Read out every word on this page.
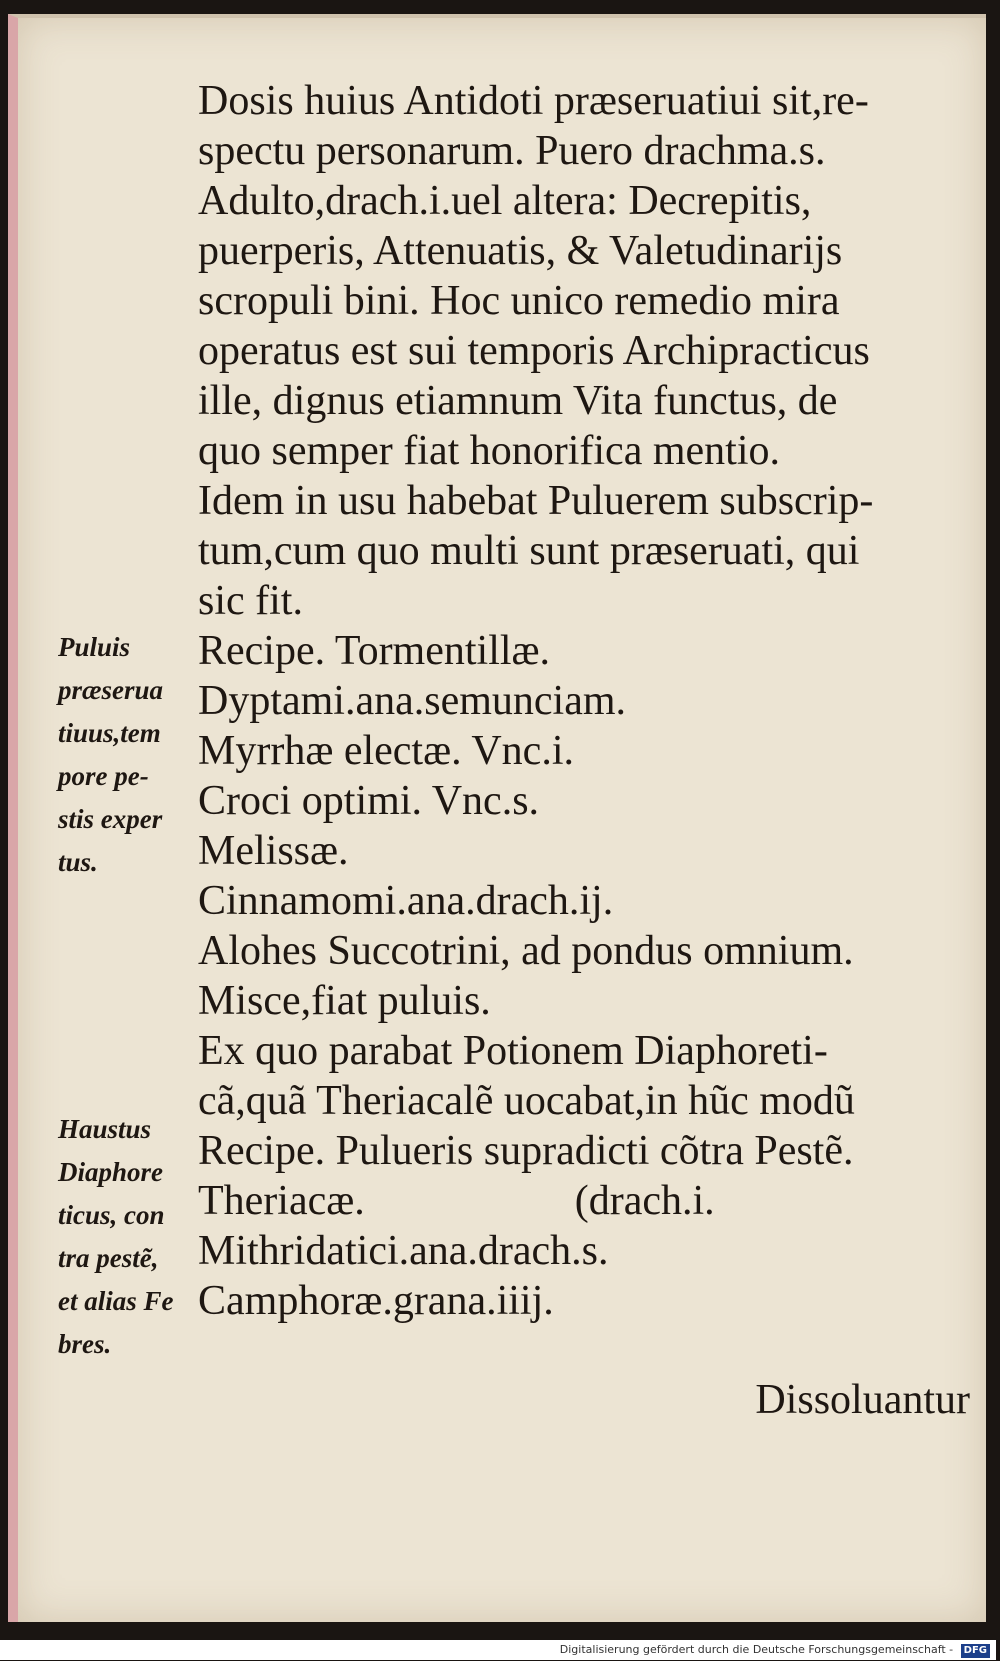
Dosis huius Antidoti præseruatiui sit,re-
spectu personarum. Puero drachma.s.
Adulto,drach.i.uel altera: Decrepitis,
puerperis, Attenuatis, & Valetudinarijs
scropuli bini. Hoc unico remedio mira
operatus est sui temporis Archipracticus
ille, dignus etiamnum Vita functus, de
quo semper fiat honorifica mentio.
Idem in usu habebat Puluerem subscrip-
tum,cum quo multi sunt præseruati, qui
sic fit.
Recipe. Tormentillæ.
Dyptami.ana.semunciam.
Myrrhæ electæ. Vnc.i.
Croci optimi. Vnc.s.
Melissæ.
Cinnamomi.ana.drach.ij.
Alohes Succotrini, ad pondus omnium.
Misce,fiat puluis.
Ex quo parabat Potionem Diaphoreti-
cã,quã Theriacalẽ uocabat,in hũc modũ
Recipe. Pulueris supradicti cõtra Pestẽ.
Theriacæ.                    (drach.i.
Mithridatici.ana.drach.s.
Camphoræ.grana.iiij.
Puluis
præserua
tiuus,tem
pore pe-
stis exper
tus.
Haustus
Diaphore
ticus, con
tra pestẽ,
et alias Fe
bres.
Dissoluantur
Digitalisierung gefördert durch die Deutsche Forschungsgemeinschaft - DFG
